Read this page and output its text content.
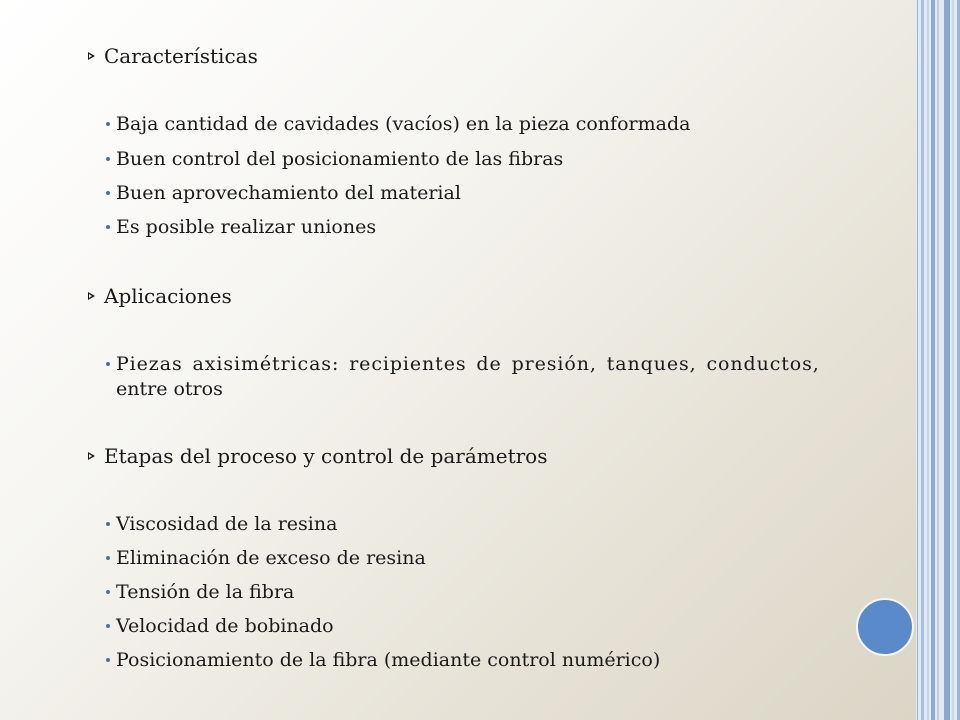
Características
Baja cantidad de cavidades (vacíos) en la pieza conformada
Buen control del posicionamiento de las fibras
Buen aprovechamiento del material
Es posible realizar uniones
Aplicaciones
Piezas axisimétricas: recipientes de presión, tanques, conductos,
entre otros
Etapas del proceso y control de parámetros
Viscosidad de la resina
Eliminación de exceso de resina
Tensión de la fibra
Velocidad de bobinado
Posicionamiento de la fibra (mediante control numérico)
